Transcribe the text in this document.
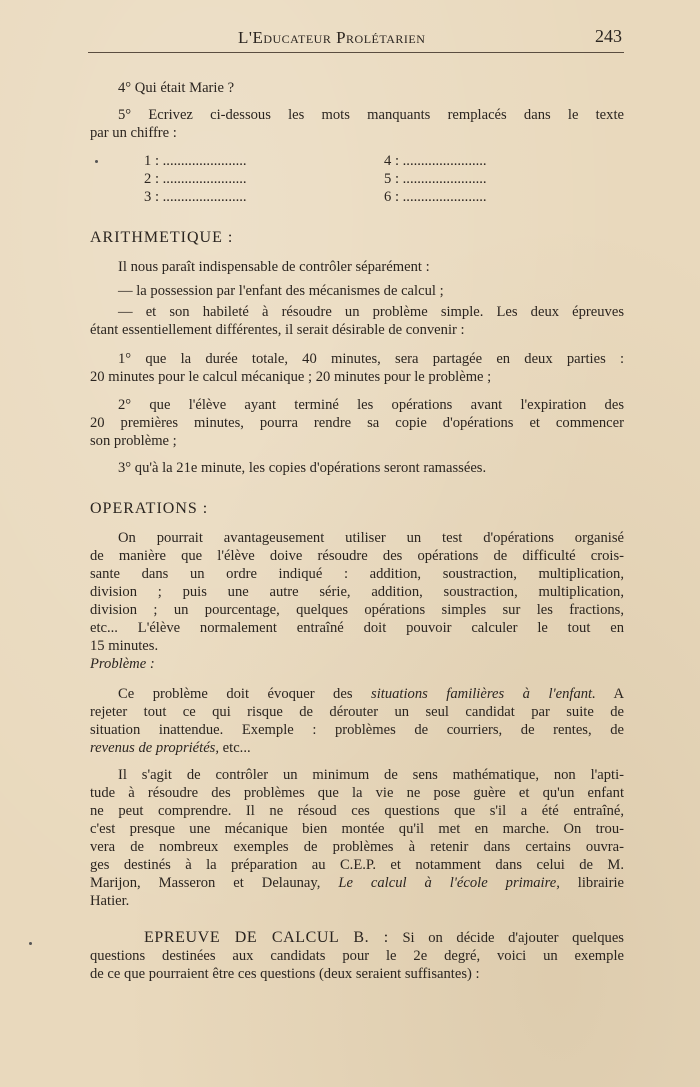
L'Educateur Prolétarien	243
4° Qui était Marie ?
5° Ecrivez ci-dessous les mots manquants remplacés dans le texte
par un chiffre :
1 : .......................
2 : .......................
3 : .......................
4 : .......................
5 : .......................
6 : .......................
ARITHMETIQUE :
Il nous paraît indispensable de contrôler séparément :
— la possession par l'enfant des mécanismes de calcul ;
— et son habileté à résoudre un problème simple. Les deux épreuves
étant essentiellement différentes, il serait désirable de convenir :
1° que la durée totale, 40 minutes, sera partagée en deux parties :
20 minutes pour le calcul mécanique ; 20 minutes pour le problème ;
2° que l'élève ayant terminé les opérations avant l'expiration des
20 premières minutes, pourra rendre sa copie d'opérations et commencer
son problème ;
3° qu'à la 21e minute, les copies d'opérations seront ramassées.
OPERATIONS :
On pourrait avantageusement utiliser un test d'opérations organisé
de manière que l'élève doive résoudre des opérations de difficulté crois-
sante dans un ordre indiqué : addition, soustraction, multiplication,
division ; puis une autre série, addition, soustraction, multiplication,
division ; un pourcentage, quelques opérations simples sur les fractions,
etc... L'élève normalement entraîné doit pouvoir calculer le tout en
15 minutes.
Problème :
Ce problème doit évoquer des situations familières à l'enfant. A
rejeter tout ce qui risque de dérouter un seul candidat par suite de
situation inattendue. Exemple : problèmes de courriers, de rentes, de
revenus de propriétés, etc...
Il s'agit de contrôler un minimum de sens mathématique, non l'apti-
tude à résoudre des problèmes que la vie ne pose guère et qu'un enfant
ne peut comprendre. Il ne résoud ces questions que s'il a été entraîné,
c'est presque une mécanique bien montée qu'il met en marche. On trou-
vera de nombreux exemples de problèmes à retenir dans certains ouvra-
ges destinés à la préparation au C.E.P. et notamment dans celui de M.
Marijon, Masseron et Delaunay, Le calcul à l'école primaire, librairie
Hatier.
EPREUVE DE CALCUL B. : Si on décide d'ajouter quelques
questions destinées aux candidats pour le 2e degré, voici un exemple
de ce que pourraient être ces questions (deux seraient suffisantes) :
